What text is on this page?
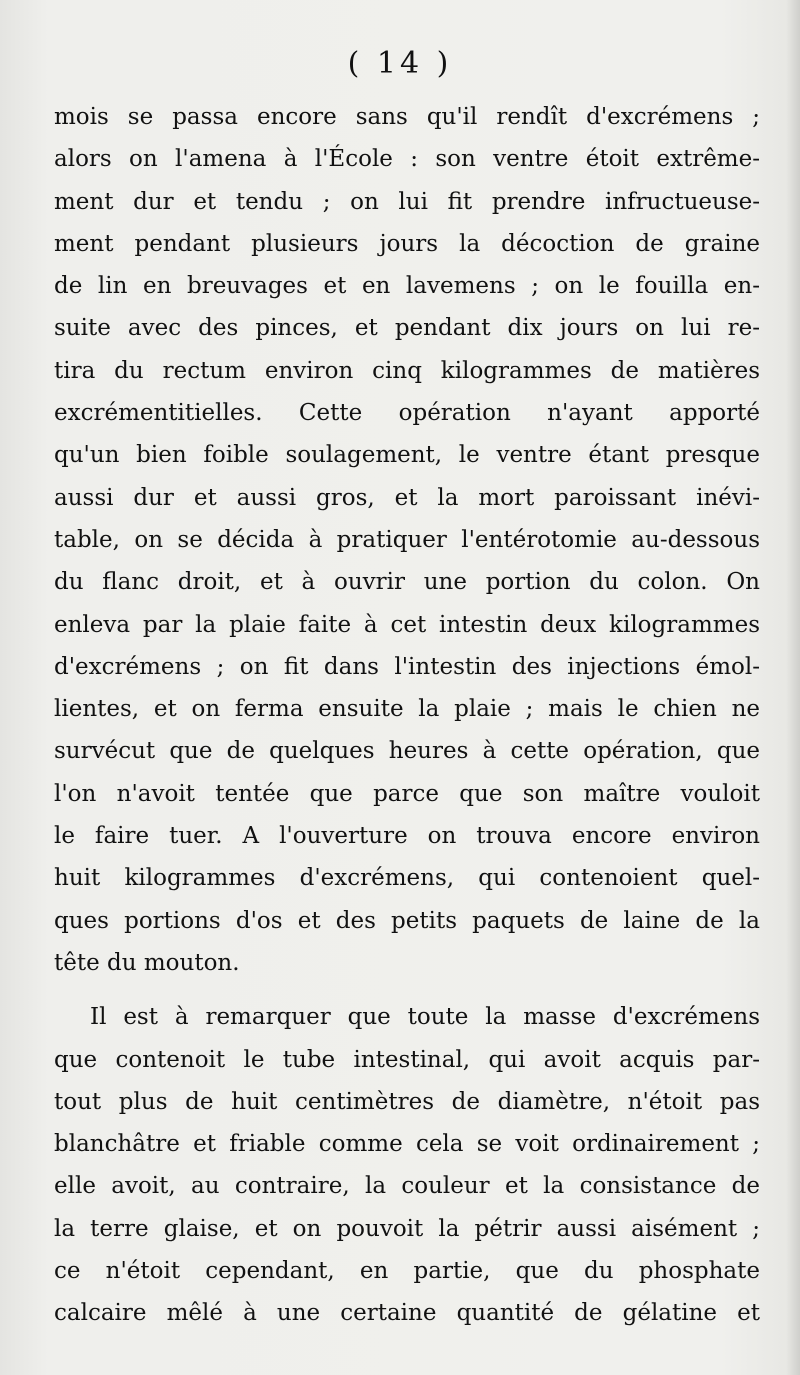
( 14 )
mois se passa encore sans qu'il rendît d'excrémens ;
alors on l'amena à l'École : son ventre étoit extrême-
ment dur et tendu ; on lui fit prendre infructueuse-
ment pendant plusieurs jours la décoction de graine
de lin en breuvages et en lavemens ; on le fouilla en-
suite avec des pinces, et pendant dix jours on lui re-
tira du rectum environ cinq kilogrammes de matières
excrémentitielles. Cette opération n'ayant apporté
qu'un bien foible soulagement, le ventre étant presque
aussi dur et aussi gros, et la mort paroissant inévi-
table, on se décida à pratiquer l'entérotomie au-dessous
du flanc droit, et à ouvrir une portion du colon. On
enleva par la plaie faite à cet intestin deux kilogrammes
d'excrémens ; on fit dans l'intestin des injections émol-
lientes, et on ferma ensuite la plaie ; mais le chien ne
survécut que de quelques heures à cette opération, que
l'on n'avoit tentée que parce que son maître vouloit
le faire tuer. A l'ouverture on trouva encore environ
huit kilogrammes d'excrémens, qui contenoient quel-
ques portions d'os et des petits paquets de laine de la
tête du mouton.
Il est à remarquer que toute la masse d'excrémens
que contenoit le tube intestinal, qui avoit acquis par-
tout plus de huit centimètres de diamètre, n'étoit pas
blanchâtre et friable comme cela se voit ordinairement ;
elle avoit, au contraire, la couleur et la consistance de
la terre glaise, et on pouvoit la pétrir aussi aisément ;
ce n'étoit cependant, en partie, que du phosphate
calcaire mêlé à une certaine quantité de gélatine et
